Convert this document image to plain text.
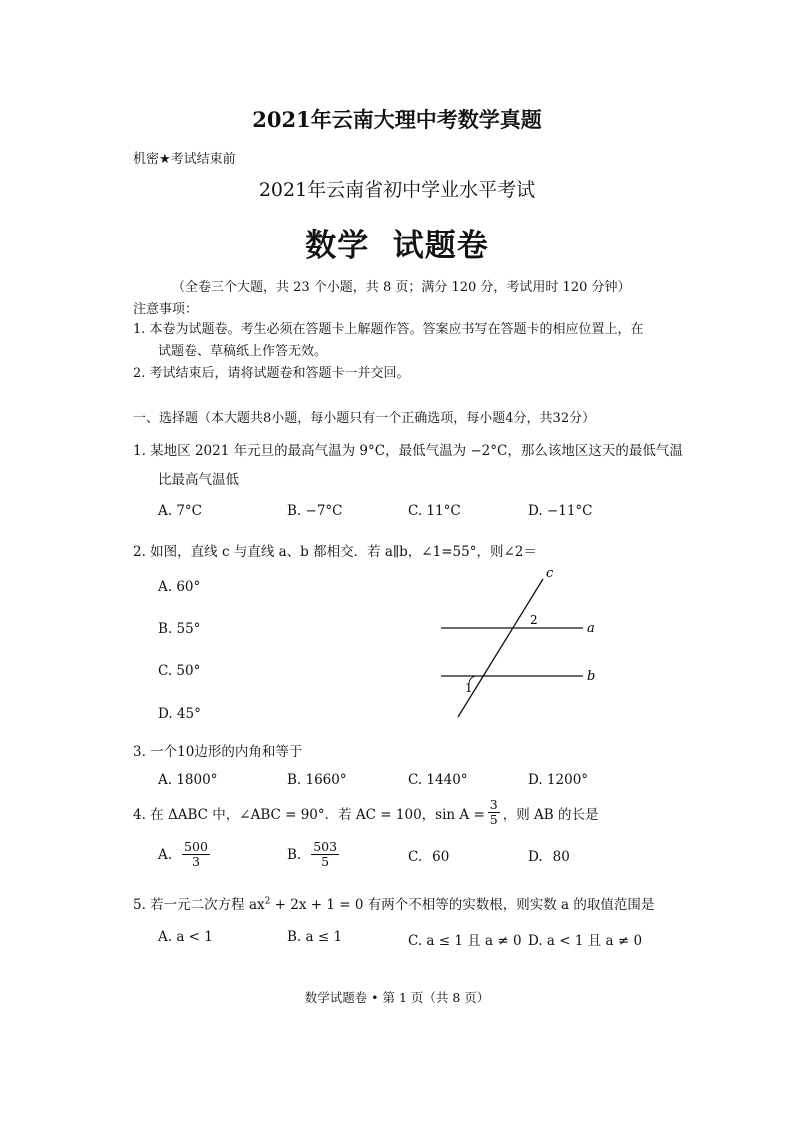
2021年云南大理中考数学真题
机密★考试结束前
2021年云南省初中学业水平考试
数学  试题卷
（全卷三个大题，共 23 个小题，共 8 页；满分 120 分，考试用时 120 分钟）
注意事项：
1. 本卷为试题卷。考生必须在答题卡上解题作答。答案应书写在答题卡的相应位置上，在
试题卷、草稿纸上作答无效。
2. 考试结束后，请将试题卷和答题卡一并交回。
一、选择题（本大题共8小题，每小题只有一个正确选项，每小题4分，共32分）
1. 某地区 2021 年元旦的最高气温为 9°C，最低气温为 −2°C，那么该地区这天的最低气温
比最高气温低
A. 7°C	B. −7°C	C. 11°C	D. −11°C
2. 如图，直线 c 与直线 a、b 都相交．若 a∥b，∠1=55°，则∠2＝
A. 60°
B. 55°
C. 50°
D. 45°
c
a
b
2
1
3. 一个10边形的内角和等于
A. 1800°	B. 1660°	C. 1440°	D. 1200°
4. 在 ΔABC 中，∠ABC = 90°．若 AC = 100，$\sin A = \frac{3}{5}$ ，则 AB 的长是
A. $\frac{500}{3}$	B. $\frac{503}{5}$	C. 60	D. 80
5. 若一元二次方程 $ax^2 + 2x + 1 = 0$ 有两个不相等的实数根，则实数 a 的取值范围是
A. a < 1	B. a ≤ 1	C. a ≤ 1 且 a ≠ 0 D. a < 1 且 a ≠ 0
数学试题卷 • 第 1 页（共 8 页）
